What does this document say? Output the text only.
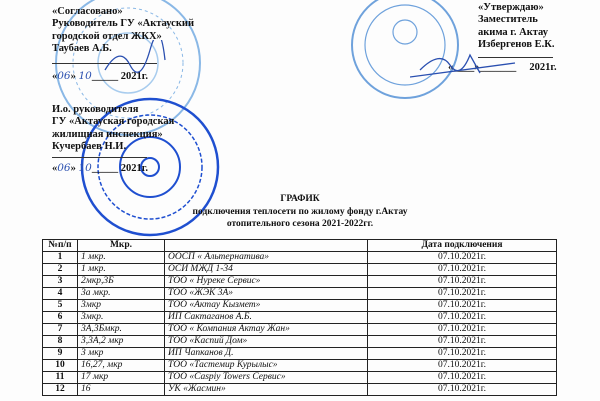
«Согласовано»
Руководитель ГУ «Актауский
городской отдел ЖКХ»
Таубаев А.Б.
«06» 10_____ 2021г.
И.о. руководителя
ГУ «Актауская городская
жилищная инспекция»
Кучербаев Н.И.
«06» 10_____ 2021г.
«Утверждаю»
Заместитель
акима г. Актау
Избергенов Е.К.
«____»_______     2021г.
ГРАФИК
подключения теплосети по жилому фонду г.Актау
отопительного сезона 2021-2022гг.
№п/п	Мкр.		Дата подключения
1	1 мкр.	ООСП « Альтернатива»	07.10.2021г.
2	1 мкр.	ОСИ МЖД 1-34	07.10.2021г.
3	2мкр,3Б	ТОО « Нуреке Сервис»	07.10.2021г.
4	3а мкр.	ТОО «ЖЭК 3А»	07.10.2021г.
5	3мкр	ТОО «Актау Кызмет»	07.10.2021г.
6	3мкр.	ИП Сактаганов А.Б.	07.10.2021г.
7	3А,3Бмкр.	ТОО « Компания Актау Жан»	07.10.2021г.
8	3,3А,2 мкр	ТОО «Каспий Дом»	07.10.2021г.
9	3 мкр	ИП Чапканов Д.	07.10.2021г.
10	16,27, мкр	ТОО «Тастемир Курылыс»	07.10.2021г.
11	17 мкр	ТОО «Caspiy Towers Сервис»	07.10.2021г.
12	16	УК «Жасмин»	07.10.2021г.
